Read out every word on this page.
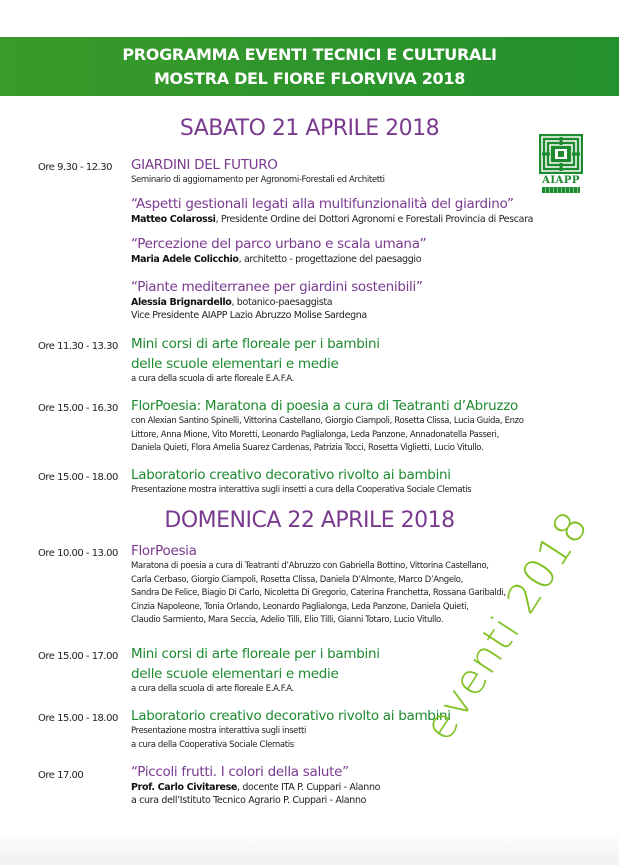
PROGRAMMA EVENTI TECNICI E CULTURALI
MOSTRA DEL FIORE FLORVIVA 2018
AIAPP
SABATO 21 APRILE 2018
Ore 9.30 - 12.30 GIARDINI DEL FUTURO
Seminario di aggiornamento per Agronomi-Forestali ed Architetti
“Aspetti gestionali legati alla multifunzionalità del giardino”
Matteo Colarossi, Presidente Ordine dei Dottori Agronomi e Forestali Provincia di Pescara
“Percezione del parco urbano e scala umana”
Maria Adele Colicchio, architetto - progettazione del paesaggio
“Piante mediterranee per giardini sostenibili”
Alessia Brignardello, botanico-paesaggista
Vice Presidente AIAPP Lazio Abruzzo Molise Sardegna
Ore 11.30 - 13.30 Mini corsi di arte floreale per i bambini
delle scuole elementari e medie
a cura della scuola di arte floreale E.A.F.A.
Ore 15.00 - 16.30 FlorPoesia: Maratona di poesia a cura di Teatranti d’Abruzzo
con Alexian Santino Spinelli, Vittorina Castellano, Giorgio Ciampoli, Rosetta Clissa, Lucia Guida, Enzo
Littore, Anna Mione, Vito Moretti, Leonardo Paglialonga, Leda Panzone, Annadonatella Passeri,
Daniela Quieti, Flora Amelia Suarez Cardenas, Patrizia Tocci, Rosetta Viglietti, Lucio Vitullo.
Ore 15.00 - 18.00 Laboratorio creativo decorativo rivolto ai bambini
Presentazione mostra interattiva sugli insetti a cura della Cooperativa Sociale Clematis
DOMENICA 22 APRILE 2018
Ore 10.00 - 13.00 FlorPoesia
Maratona di poesia a cura di Teatranti d’Abruzzo con Gabriella Bottino, Vittorina Castellano,
Carla Cerbaso, Giorgio Ciampoli, Rosetta Clissa, Daniela D’Almonte, Marco D’Angelo,
Sandra De Felice, Biagio Di Carlo, Nicoletta Di Gregorio, Caterina Franchetta, Rossana Garibaldi,
Cinzia Napoleone, Tonia Orlando, Leonardo Paglialonga, Leda Panzone, Daniela Quieti,
Claudio Sarmiento, Mara Seccia, Adelio Tilli, Elio Tilli, Gianni Totaro, Lucio Vitullo.
Ore 15.00 - 17.00 Mini corsi di arte floreale per i bambini
delle scuole elementari e medie
a cura della scuola di arte floreale E.A.F.A.
Ore 15.00 - 18.00 Laboratorio creativo decorativo rivolto ai bambini
Presentazione mostra interattiva sugli insetti
a cura della Cooperativa Sociale Clematis
Ore 17.00	“Piccoli frutti. I colori della salute”
Prof. Carlo Civitarese, docente ITA P. Cuppari - Alanno
a cura dell’Istituto Tecnico Agrario P. Cuppari - Alanno
eventi 2018
